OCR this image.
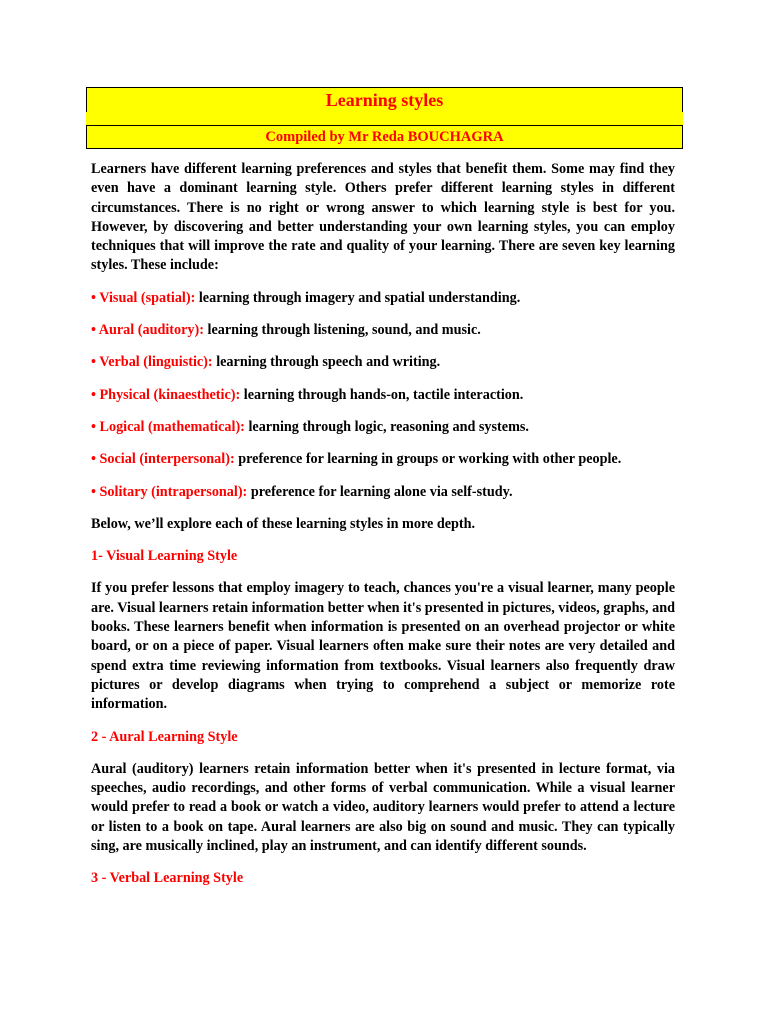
Learning styles
Compiled by Mr Reda BOUCHAGRA

Learners have different learning preferences and styles that benefit them. Some may find they even have a dominant learning style. Others prefer different learning styles in different circumstances. There is no right or wrong answer to which learning style is best for you. However, by discovering and better understanding your own learning styles, you can employ techniques that will improve the rate and quality of your learning. There are seven key learning styles. These include:

• Visual (spatial): learning through imagery and spatial understanding.

• Aural (auditory): learning through listening, sound, and music.

• Verbal (linguistic): learning through speech and writing.

• Physical (kinaesthetic): learning through hands-on, tactile interaction.

• Logical (mathematical): learning through logic, reasoning and systems.

• Social (interpersonal): preference for learning in groups or working with other people.

• Solitary (intrapersonal): preference for learning alone via self-study.

Below, we’ll explore each of these learning styles in more depth.

1- Visual Learning Style

If you prefer lessons that employ imagery to teach, chances you're a visual learner, many people are. Visual learners retain information better when it's presented in pictures, videos, graphs, and books. These learners benefit when information is presented on an overhead projector or white board, or on a piece of paper. Visual learners often make sure their notes are very detailed and spend extra time reviewing information from textbooks. Visual learners also frequently draw pictures or develop diagrams when trying to comprehend a subject or memorize rote information.

2 - Aural Learning Style

Aural (auditory) learners retain information better when it's presented in lecture format, via speeches, audio recordings, and other forms of verbal communication. While a visual learner would prefer to read a book or watch a video, auditory learners would prefer to attend a lecture or listen to a book on tape. Aural learners are also big on sound and music. They can typically sing, are musically inclined, play an instrument, and can identify different sounds.

3 - Verbal Learning Style
